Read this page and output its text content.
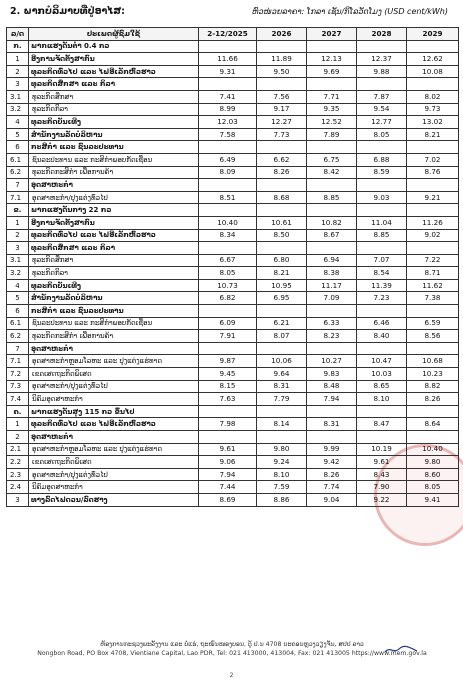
2. ພາກບໍລິມາບທີ່ປູ່ອາໄສ:	ຫົວໜ່ວຍລາຄາ: ໂກລາ ເຊັນ/ກິໂລວັດໂມງ (USD cent/kWh)
ລ/ດ	ປະເພດຜູ້ຊົມໃຊ້	2-12/2025	2026	2027	2028	2029
ກ.	ພາກແຮງດັນຕໍ່າ 0.4 ກວ					
1	ອີງການຈັດຕັ້ງສາກົນ	11.66	11.89	12.13	12.37	12.62
2	ທຸລະກິດທົ່ວໄປ ແລະ ໄຟອີເລັກຫົວຮາວ	9.31	9.50	9.69	9.88	10.08
3	ທຸລະກິດສຶກສາ ແລະ ກິລາ					
3.1	ທຸລະກິດສຶກສາ	7.41	7.56	7.71	7.87	8.02
3.2	ທຸລະກິດກິລາ	8.99	9.17	9.35	9.54	9.73
4	ທຸລະກິດບັນເທີງ	12.03	12.27	12.52	12.77	13.02
5	ສຳນັກງານລັດບໍລິຫານ	7.58	7.73	7.89	8.05	8.21
6	ກະສິກຳ ແລະ ຊົນລະປະທານ					
6.1	ຊົນລະປະທານ ແລະ ກະສິກຳພອບກັດເຊື່ອນ	6.49	6.62	6.75	6.88	7.02
6.2	ທຸລະກິດກະສິກຳ ເພື່ອການຄ້າ	8.09	8.26	8.42	8.59	8.76
7	ອຸດສາຫະກຳ					
7.1	ອຸດສາຫະກຳ/ປຸງແຕ່ງທົ່ວໄປ	8.51	8.68	8.85	9.03	9.21
ຂ.	ພາກແຮງດັນກາງ 22 ກວ					
1	ອີງການຈັດຕັ້ງສາກົນ	10.40	10.61	10.82	11.04	11.26
2	ທຸລະກິດທົ່ວໄປ ແລະ ໄຟອີເລັກຫົວຮາວ	8.34	8.50	8.67	8.85	9.02
3	ທຸລະກິດສຶກສາ ແລະ ກິລາ					
3.1	ທຸລະກິດສຶກສາ	6.67	6.80	6.94	7.07	7.22
3.2	ທຸລະກິດກິລາ	8.05	8.21	8.38	8.54	8.71
4	ທຸລະກິດບັນເທີງ	10.73	10.95	11.17	11.39	11.62
5	ສຳນັກງານລັດບໍລິຫານ	6.82	6.95	7.09	7.23	7.38
6	ກະສິກຳ ແລະ ຊົນລະປະທານ					
6.1	ຊົນລະປະທານ ແລະ ກະສິກຳພອບກັດເຊື່ອນ	6.09	6.21	6.33	6.46	6.59
6.2	ທຸລະກິດກະສິກຳ ເພື່ອການຄ້າ	7.91	8.07	8.23	8.40	8.56
7	ອຸດສາຫະກຳ					
7.1	ອຸດສາຫະກຳຫຼອມໂລຫະ ແລະ ປຸງແຕ່ງແຮ່ທາດ	9.87	10.06	10.27	10.47	10.68
7.2	ເຂດເສດຖະກິດພິເສດ	9.45	9.64	9.83	10.03	10.23
7.3	ອຸດສາຫະກຳ/ປຸງແຕ່ງທົ່ວໄປ	8.15	8.31	8.48	8.65	8.82
7.4	ນິຄົມອຸດສາຫະກຳ	7.63	7.79	7.94	8.10	8.26
ຄ.	ພາກແຮງດັນສູງ 115 ກວ ຂຶ້ນໄປ					
1	ທຸລະກິດທົ່ວໄປ ແລະ ໄຟອີເລັກຫົວຮາວ	7.98	8.14	8.31	8.47	8.64
2	ອຸດສາຫະກຳ					
2.1	ອຸດສາຫະກຳຫຼອມໂລຫະ ແລະ ປຸງແຕ່ງແຮ່ທາດ	9.61	9.80	9.99	10.19	10.40
2.2	ເຂດເສດຖະກິດພິເສດ	9.06	9.24	9.42	9.61	9.80
2.3	ອຸດສາຫະກຳ/ປຸງແຕ່ງທົ່ວໄປ	7.94	8.10	8.26	8.43	8.60
2.4	ນິຄົມອຸດສາຫະກຳ	7.44	7.59	7.74	7.90	8.05
3	ທາງລົດໄຟດວນ/ລົດຮາງ	8.69	8.86	9.04	9.22	9.41
ຫ້ອງການກະຊວງພະລັງງານ ແລະ ບໍ່ແຮ່, ຖະໜົນໜອງບອນ, ຕູ້ ປ.ນ 4708 ນະຄອນຫຼວງວຽງຈັນ, ສປປ ລາວ
Nongbon Road, PO Box 4708, Vientiane Capital, Lao PDR, Tel: 021 413000, 413004, Fax: 021 413005 https://www.mem.gov.la
2
